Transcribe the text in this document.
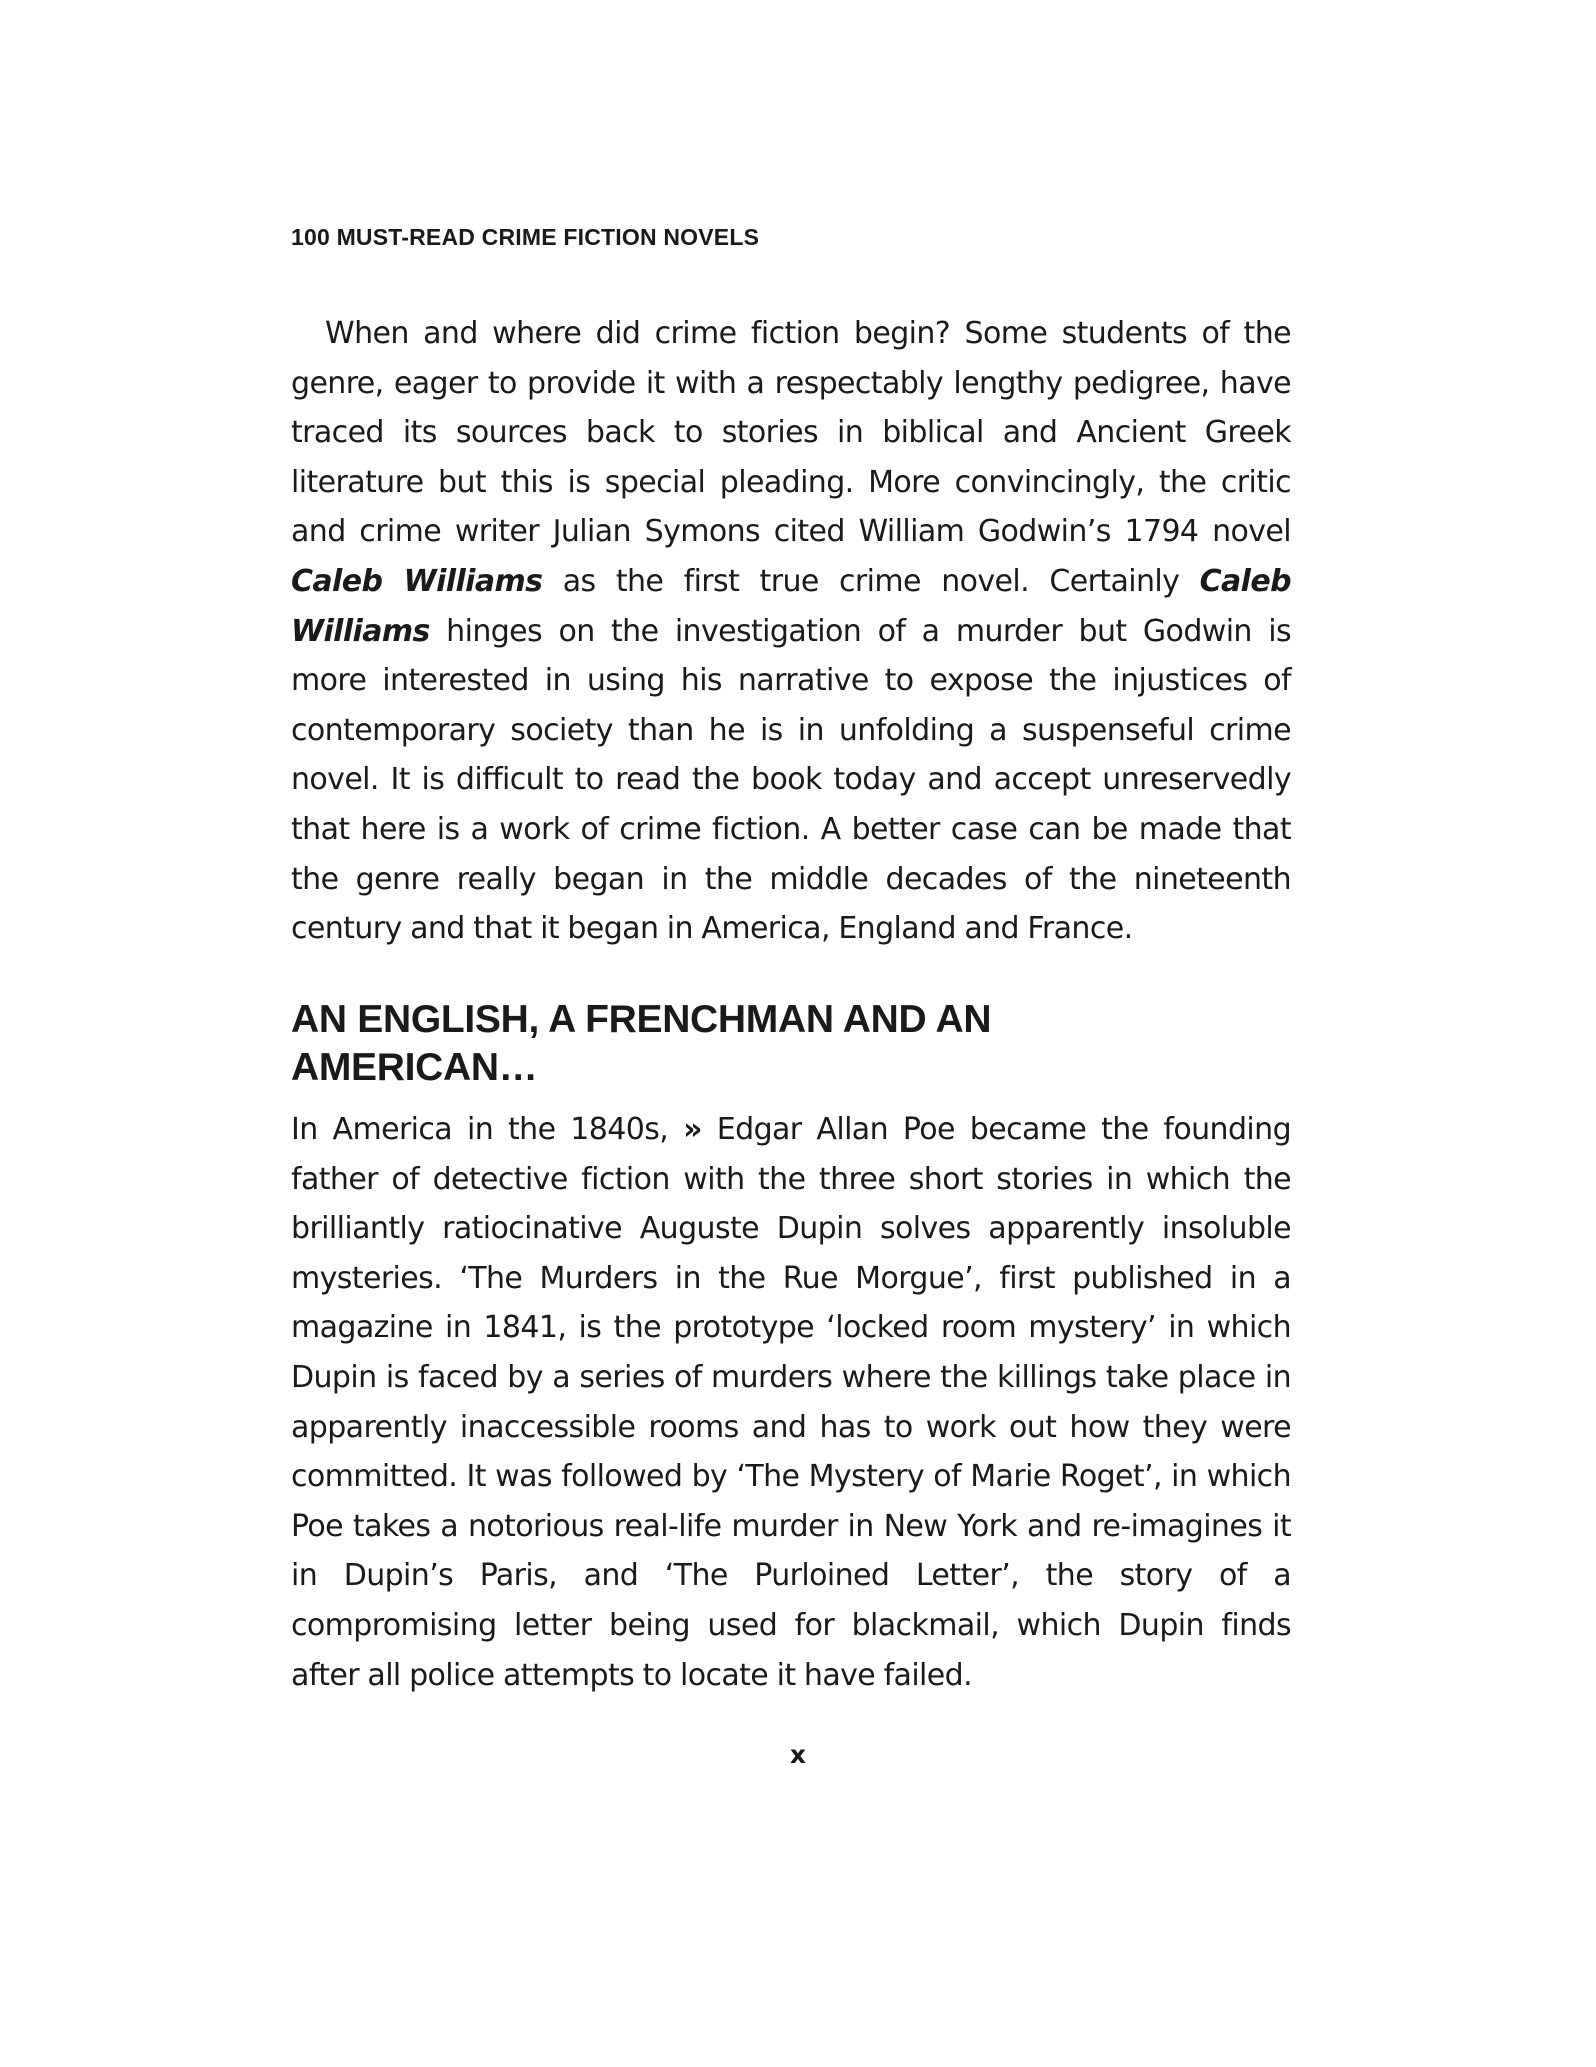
100 MUST-READ CRIME FICTION NOVELS

When and where did crime fiction begin? Some students of the genre, eager to provide it with a respectably lengthy pedigree, have traced its sources back to stories in biblical and Ancient Greek literature but this is special pleading. More convincingly, the critic and crime writer Julian Symons cited William Godwin’s 1794 novel Caleb Williams as the first true crime novel. Certainly Caleb Williams hinges on the investigation of a murder but Godwin is more interested in using his narrative to expose the injustices of contemporary society than he is in unfolding a suspenseful crime novel. It is difficult to read the book today and accept unreservedly that here is a work of crime fiction. A better case can be made that the genre really began in the middle decades of the nineteenth century and that it began in America, England and France.

AN ENGLISH, A FRENCHMAN AND AN
AMERICAN…

In America in the 1840s, » Edgar Allan Poe became the founding father of detective fiction with the three short stories in which the brilliantly ratiocinative Auguste Dupin solves apparently insoluble mysteries. ‘The Murders in the Rue Morgue’, first published in a magazine in 1841, is the prototype ‘locked room mystery’ in which Dupin is faced by a series of murders where the killings take place in apparently inaccessible rooms and has to work out how they were committed. It was followed by ‘The Mystery of Marie Roget’, in which Poe takes a notorious real-life murder in New York and re-imagines it in Dupin’s Paris, and ‘The Purloined Letter’, the story of a compromising letter being used for blackmail, which Dupin finds after all police attempts to locate it have failed.

x
